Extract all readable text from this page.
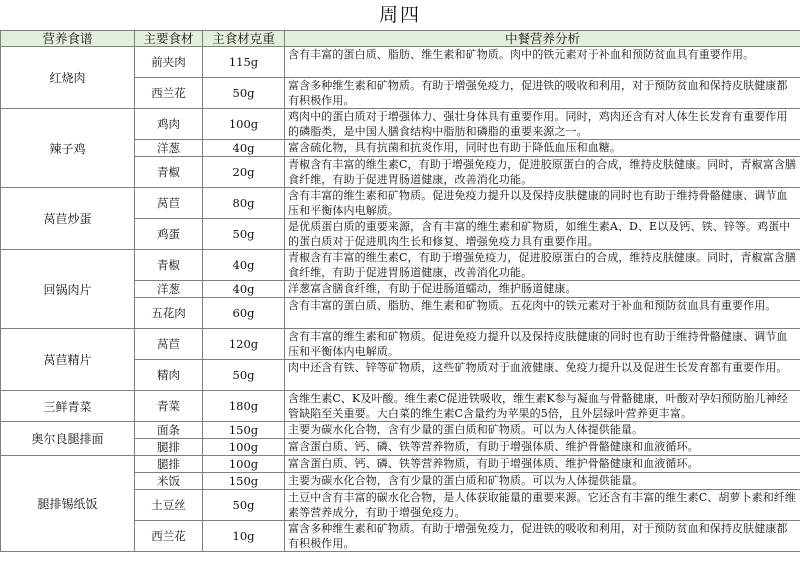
周四
营养食谱	主要食材	主食材克重	中餐营养分析
红烧肉	前夹肉	115g	含有丰富的蛋白质、脂肪、维生素和矿物质。肉中的铁元素对于补血和预防贫血具有重要作用。
	西兰花	50g	富含多种维生素和矿物质。有助于增强免疫力，促进铁的吸收和利用，对于预防贫血和保持皮肤健康都有积极作用。
辣子鸡	鸡肉	100g	鸡肉中的蛋白质对于增强体力、强壮身体具有重要作用。同时，鸡肉还含有对人体生长发育有重要作用的磷脂类，是中国人膳食结构中脂肪和磷脂的重要来源之一。
	洋葱	40g	富含硫化物，具有抗菌和抗炎作用，同时也有助于降低血压和血糖。
	青椒	20g	青椒含有丰富的维生素C，有助于增强免疫力，促进胶原蛋白的合成，维持皮肤健康。同时，青椒富含膳食纤维，有助于促进胃肠道健康，改善消化功能。
莴苣炒蛋	莴苣	80g	含有丰富的维生素和矿物质。促进免疫力提升以及保持皮肤健康的同时也有助于维持骨骼健康、调节血压和平衡体内电解质。
	鸡蛋	50g	是优质蛋白质的重要来源，含有丰富的维生素和矿物质，如维生素A、D、E以及钙、铁、锌等。鸡蛋中的蛋白质对于促进肌肉生长和修复、增强免疫力具有重要作用。
回锅肉片	青椒	40g	青椒含有丰富的维生素C，有助于增强免疫力，促进胶原蛋白的合成，维持皮肤健康。同时，青椒富含膳食纤维，有助于促进胃肠道健康，改善消化功能。
	洋葱	40g	洋葱富含膳食纤维，有助于促进肠道蠕动，维护肠道健康。
	五花肉	60g	含有丰富的蛋白质、脂肪、维生素和矿物质。五花肉中的铁元素对于补血和预防贫血具有重要作用。
莴苣精片	莴苣	120g	含有丰富的维生素和矿物质。促进免疫力提升以及保持皮肤健康的同时也有助于维持骨骼健康、调节血压和平衡体内电解质。
	精肉	50g	肉中还含有铁、锌等矿物质，这些矿物质对于血液健康、免疫力提升以及促进生长发育都有重要作用。
三鲜青菜	青菜	180g	含维生素C、K及叶酸。维生素C促进铁吸收，维生素K参与凝血与骨骼健康，叶酸对孕妇预防胎儿神经管缺陷至关重要。大白菜的维生素C含量约为苹果的5倍，且外层绿叶营养更丰富。
奥尔良腿排面	面条	150g	主要为碳水化合物，含有少量的蛋白质和矿物质。可以为人体提供能量。
	腿排	100g	富含蛋白质、钙、磷、铁等营养物质，有助于增强体质、维护骨骼健康和血液循环。
腿排锡纸饭	腿排	100g	富含蛋白质、钙、磷、铁等营养物质，有助于增强体质、维护骨骼健康和血液循环。
	米饭	150g	主要为碳水化合物，含有少量的蛋白质和矿物质。可以为人体提供能量。
	土豆丝	50g	土豆中含有丰富的碳水化合物，是人体获取能量的重要来源。它还含有丰富的维生素C、胡萝卜素和纤维素等营养成分，有助于增强免疫力。
	西兰花	10g	富含多种维生素和矿物质。有助于增强免疫力，促进铁的吸收和利用，对于预防贫血和保持皮肤健康都有积极作用。
